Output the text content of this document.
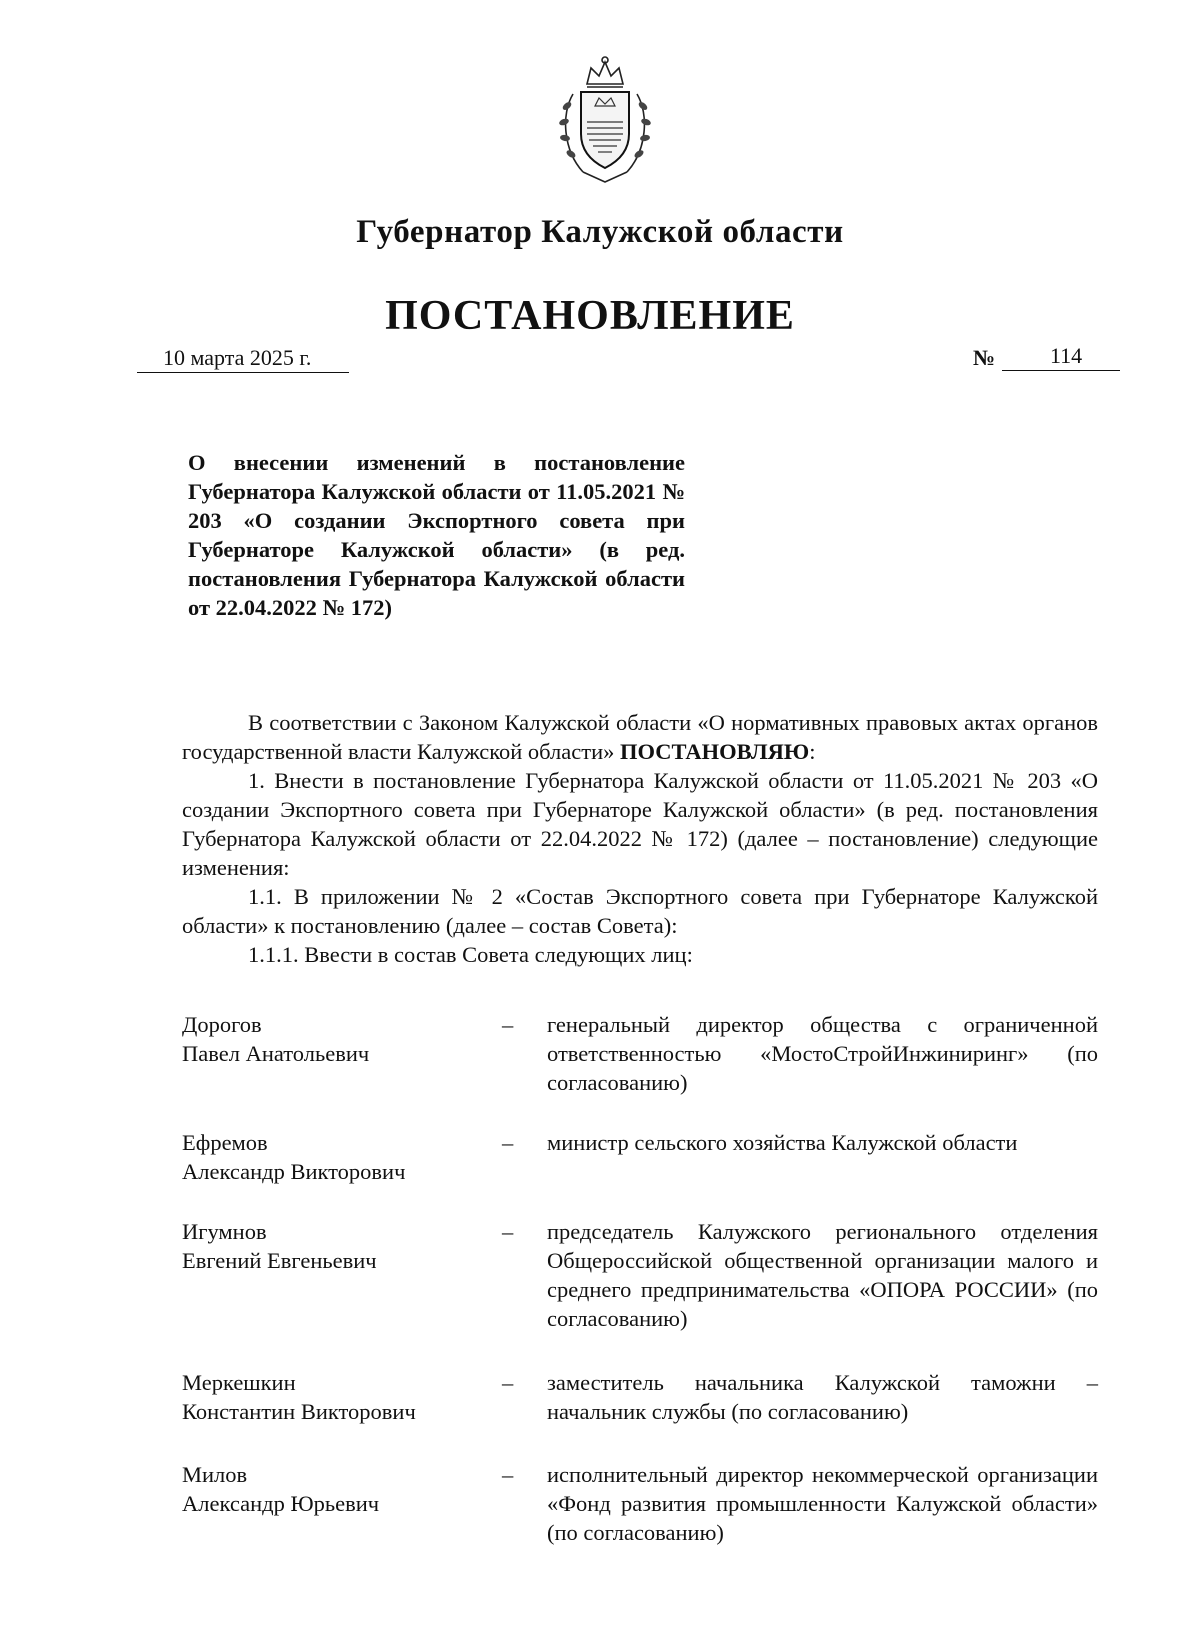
Губернатор Калужской области
ПОСТАНОВЛЕНИЕ
10 марта 2025 г.	№	114
О внесении изменений в постановление Губернатора Калужской области от 11.05.2021 № 203 «О создании Экспортного совета при Губернаторе Калужской области» (в ред. постановления Губернатора Калужской области от 22.04.2022 № 172)

В соответствии с Законом Калужской области «О нормативных правовых актах органов государственной власти Калужской области» ПОСТАНОВЛЯЮ:

1. Внести в постановление Губернатора Калужской области от 11.05.2021 № 203 «О создании Экспортного совета при Губернаторе Калужской области» (в ред. постановления Губернатора Калужской области от 22.04.2022 № 172) (далее – постановление) следующие изменения:

1.1. В приложении № 2 «Состав Экспортного совета при Губернаторе Калужской области» к постановлению (далее – состав Совета):

1.1.1. Ввести в состав Совета следующих лиц:

Дорогов
Павел Анатольевич
– генеральный директор общества с ограниченной ответственностью «МостоСтройИнжиниринг» (по согласованию)
Ефремов
Александр Викторович
– министр сельского хозяйства Калужской области
Игумнов
Евгений Евгеньевич
– председатель Калужского регионального отделения Общероссийской общественной организации малого и среднего предпринимательства «ОПОРА РОССИИ» (по согласованию)
Меркешкин
Константин Викторович
– заместитель начальника Калужской таможни – начальник службы (по согласованию)
Милов
Александр Юрьевич
– исполнительный директор некоммерческой организации «Фонд развития промышленности Калужской области» (по согласованию)
